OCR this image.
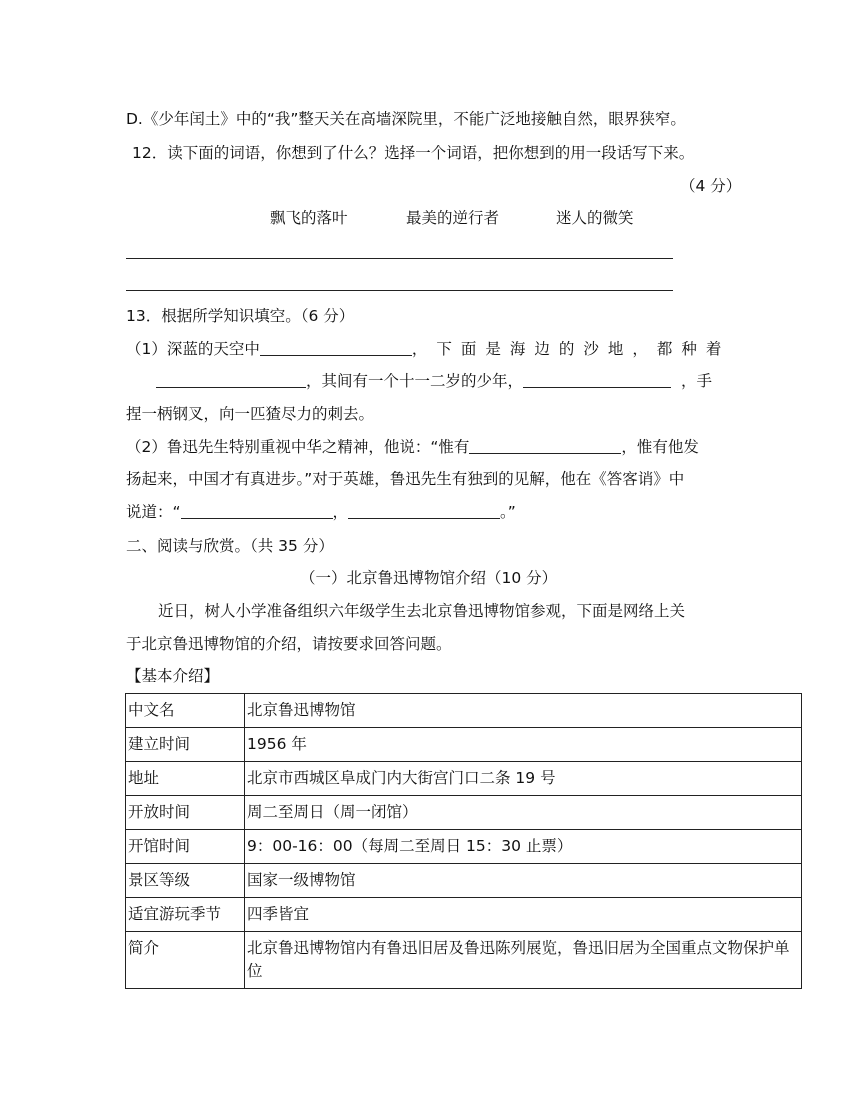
D.《少年闰土》中的“我”整天关在高墙深院里，不能广泛地接触自然，眼界狭窄。
12．读下面的词语，你想到了什么？选择一个词语，把你想到的用一段话写下来。
（4 分）
飘飞的落叶	最美的逆行者	迷人的微笑
13．根据所学知识填空。（6 分）
（1）深蓝的天空中	，下面是海边的沙地，都种着
，其间有一个十一二岁的少年，	，手
捏一柄钢叉，向一匹猹尽力的刺去。
（2）鲁迅先生特别重视中华之精神，他说：“惟有	，惟有他发
扬起来，中国才有真进步。”对于英雄，鲁迅先生有独到的见解，他在《答客诮》中
说道：“	，	。”
二、阅读与欣赏。（共 35 分）
（一）北京鲁迅博物馆介绍（10 分）
近日，树人小学准备组织六年级学生去北京鲁迅博物馆参观，下面是网络上关
于北京鲁迅博物馆的介绍，请按要求回答问题。
【基本介绍】
中文名	北京鲁迅博物馆
建立时间	1956 年
地址	北京市西城区阜成门内大街宫门口二条 19 号
开放时间	周二至周日（周一闭馆）
开馆时间	9：00-16：00（每周二至周日 15：30 止票）
景区等级	国家一级博物馆
适宜游玩季节	四季皆宜
简介	北京鲁迅博物馆内有鲁迅旧居及鲁迅陈列展览，鲁迅旧居为全国重点文物保护单位
